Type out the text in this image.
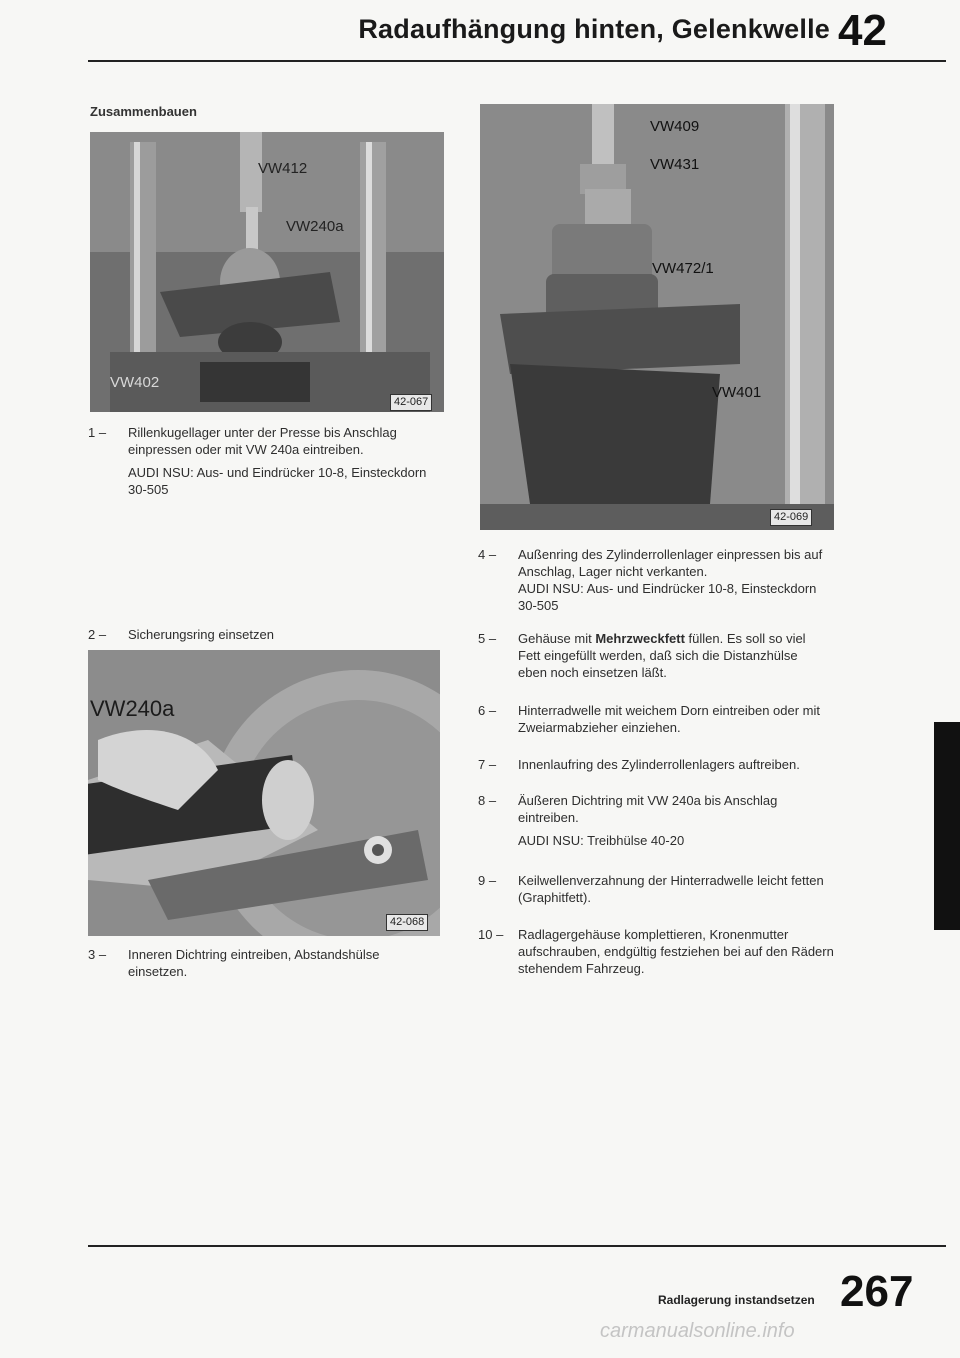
Radaufhängung hinten, Gelenkwelle 42
Zusammenbauen
VW412
VW240a
VW402
42-067
1 –	Rillenkugellager unter der Presse bis Anschlag einpressen oder mit VW 240a eintreiben.
AUDI NSU: Aus- und Eindrücker 10-8, Einsteckdorn 30-505
2 –	Sicherungsring einsetzen
VW240a
42-068
3 –	Inneren Dichtring eintreiben, Abstandshülse einsetzen.
VW409
VW431
VW472/1
VW401
42-069
4 –	Außenring des Zylinderrollenlager einpressen bis auf Anschlag, Lager nicht verkanten.
AUDI NSU: Aus- und Eindrücker 10-8, Einsteckdorn 30-505
5 –	Gehäuse mit Mehrzweckfett füllen. Es soll so viel Fett eingefüllt werden, daß sich die Distanzhülse eben noch einsetzen läßt.
6 –	Hinterradwelle mit weichem Dorn eintreiben oder mit Zweiarmabzieher einziehen.
7 –	Innenlaufring des Zylinderrollenlagers auftreiben.
8 –	Äußeren Dichtring mit VW 240a bis Anschlag eintreiben.
AUDI NSU: Treibhülse 40-20
9 –	Keilwellenverzahnung der Hinterradwelle leicht fetten (Graphitfett).
10 –	Radlagergehäuse komplettieren, Kronenmutter aufschrauben, endgültig festziehen bei auf den Rädern stehendem Fahrzeug.
Radlagerung instandsetzen 267
carmanualsonline.info
